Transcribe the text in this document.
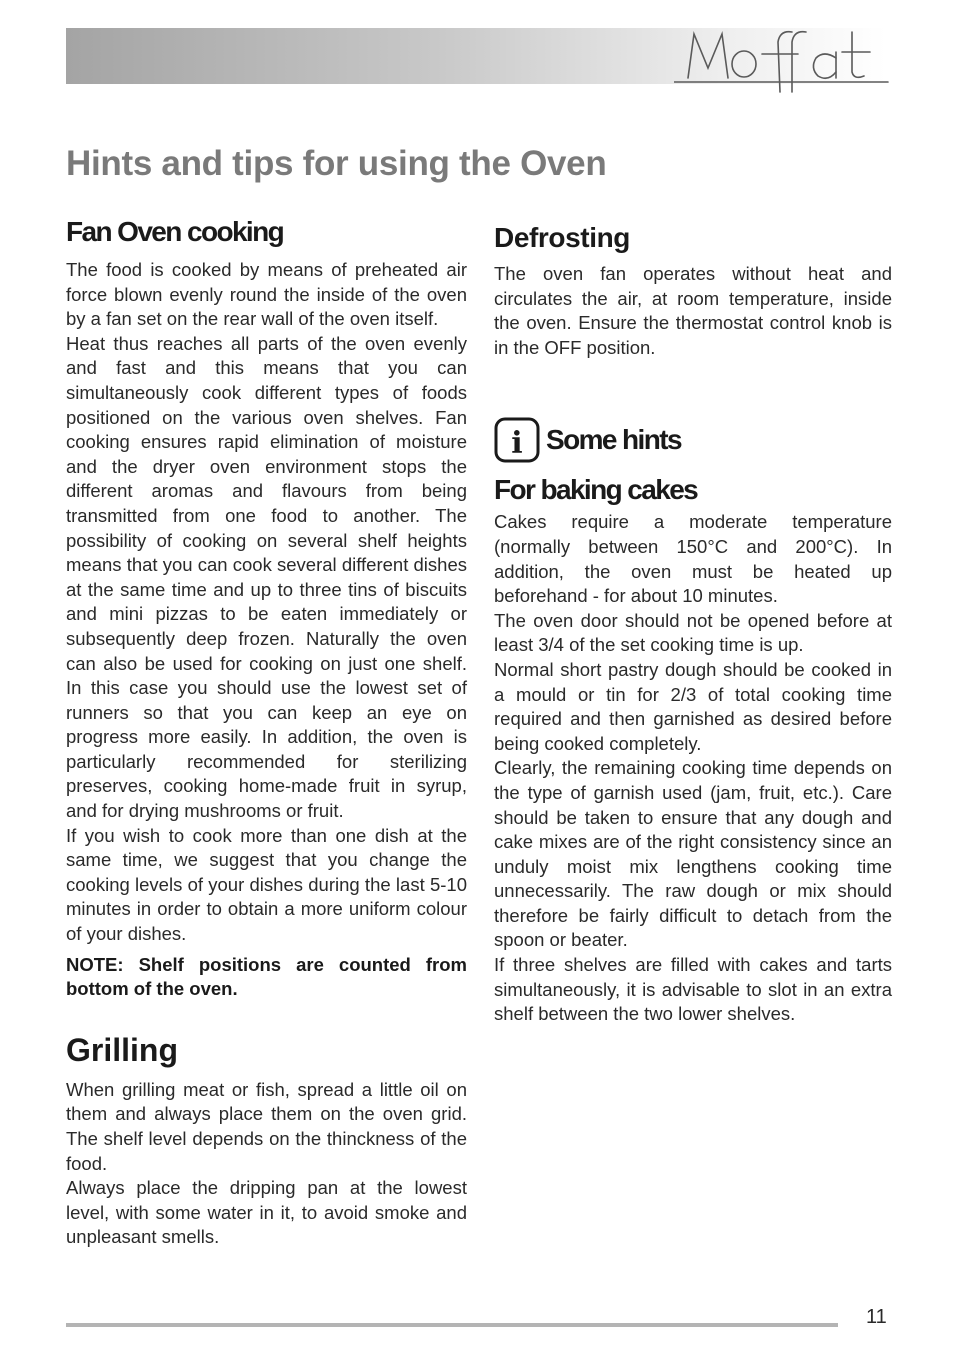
Hints and tips for using the Oven
Fan Oven cooking

The food is cooked by means of preheated air force blown evenly round the inside of the oven by a fan set on the rear wall of the oven itself.

Heat thus reaches all parts of the oven evenly and fast and this means that you can simultaneously cook different types of foods positioned on the various oven shelves. Fan cooking ensures rapid elimination of moisture and the dryer oven environment stops the different aromas and flavours from being transmitted from one food to another. The possibility of cooking on several shelf heights means that you can cook several different dishes at the same time and up to three tins of biscuits and mini pizzas to be eaten immediately or subsequently deep frozen. Naturally the oven can also be used for cooking on just one shelf. In this case you should use the lowest set of runners so that you can keep an eye on progress more easily. In addition, the oven is particularly recommended for sterilizing preserves, cooking home-made fruit in syrup, and for drying mushrooms or fruit.

If you wish to cook more than one dish at the same time, we suggest that you change the cooking levels of your dishes during the last 5-10 minutes in order to obtain a more uniform colour of your dishes.

NOTE: Shelf positions are counted from bottom of the oven.

Grilling

When grilling meat or fish, spread a little oil on them and always place them on the oven grid. The shelf level depends on the thinckness of the food.

Always place the dripping pan at the lowest level, with some water in it, to avoid smoke and unpleasant smells.

Defrosting

The oven fan operates without heat and circulates the air, at room temperature, inside the oven. Ensure the thermostat control knob is in the OFF position.

i Some hints
For baking cakes

Cakes require a moderate temperature (normally between 150°C and 200°C). In addition, the oven must be heated up beforehand - for about 10 minutes.

The oven door should not be opened before at least 3/4 of the set cooking time is up.

Normal short pastry dough should be cooked in a mould or tin for 2/3 of total cooking time required and then garnished as desired before being cooked completely.

Clearly, the remaining cooking time depends on the type of garnish used (jam, fruit, etc.). Care should be taken to ensure that any dough and cake mixes are of the right consistency since an unduly moist mix lengthens cooking time unnecessarily. The raw dough or mix should therefore be fairly difficult to detach from the spoon or beater.

If three shelves are filled with cakes and tarts simultaneously, it is advisable to slot in an extra shelf between the two lower shelves.

11
